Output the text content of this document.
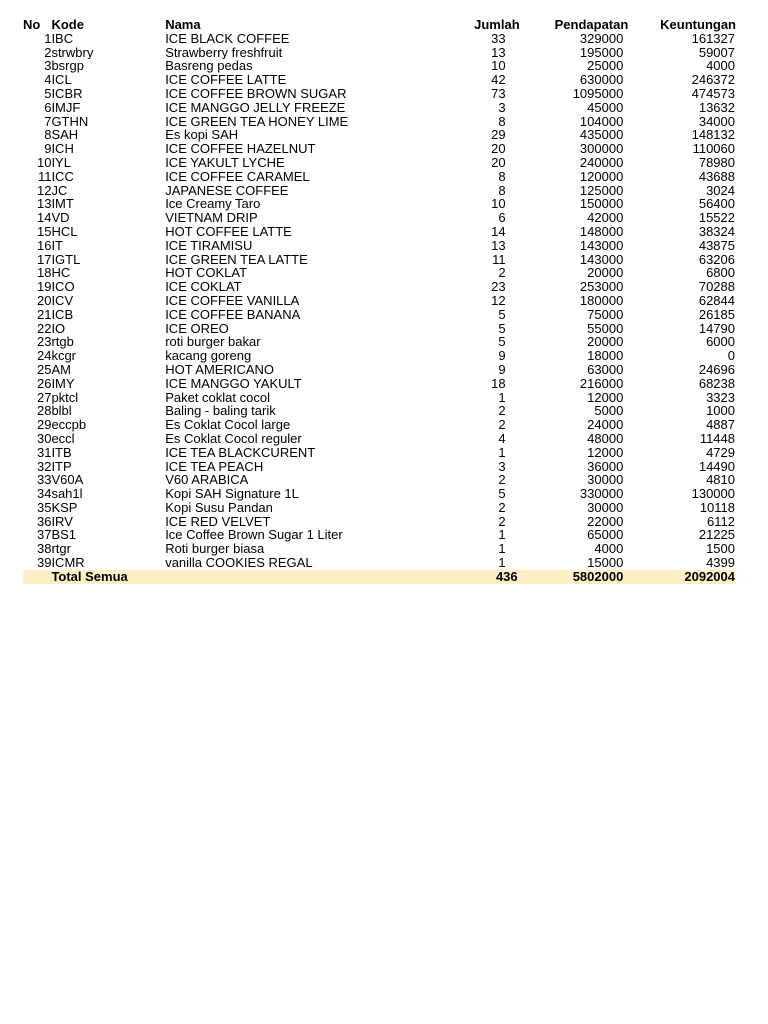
No	Kode	Nama	Jumlah	Pendapatan	Keuntungan
1	IBC	ICE BLACK COFFEE	33	329000	161327
2	strwbry	Strawberry freshfruit	13	195000	59007
3	bsrgp	Basreng pedas	10	25000	4000
4	ICL	ICE COFFEE LATTE	42	630000	246372
5	ICBR	ICE COFFEE BROWN SUGAR	73	1095000	474573
6	IMJF	ICE MANGGO JELLY FREEZE	3	45000	13632
7	GTHN	ICE GREEN TEA HONEY LIME	8	104000	34000
8	SAH	Es kopi SAH	29	435000	148132
9	ICH	ICE COFFEE HAZELNUT	20	300000	110060
10	IYL	ICE YAKULT LYCHE	20	240000	78980
11	ICC	ICE COFFEE CARAMEL	8	120000	43688
12	JC	JAPANESE COFFEE	8	125000	3024
13	IMT	Ice Creamy Taro	10	150000	56400
14	VD	VIETNAM DRIP	6	42000	15522
15	HCL	HOT COFFEE LATTE	14	148000	38324
16	IT	ICE TIRAMISU	13	143000	43875
17	IGTL	ICE GREEN TEA LATTE	11	143000	63206
18	HC	HOT COKLAT	2	20000	6800
19	ICO	ICE COKLAT	23	253000	70288
20	ICV	ICE COFFEE VANILLA	12	180000	62844
21	ICB	ICE COFFEE BANANA	5	75000	26185
22	IO	ICE OREO	5	55000	14790
23	rtgb	roti burger bakar	5	20000	6000
24	kcgr	kacang goreng	9	18000	0
25	AM	HOT AMERICANO	9	63000	24696
26	IMY	ICE MANGGO YAKULT	18	216000	68238
27	pktcl	Paket coklat cocol	1	12000	3323
28	blbl	Baling - baling tarik	2	5000	1000
29	eccpb	Es Coklat Cocol large	2	24000	4887
30	eccl	Es Coklat Cocol reguler	4	48000	11448
31	ITB	ICE TEA BLACKCURENT	1	12000	4729
32	ITP	ICE TEA PEACH	3	36000	14490
33	V60A	V60 ARABICA	2	30000	4810
34	sah1l	Kopi SAH Signature 1L	5	330000	130000
35	KSP	Kopi Susu Pandan	2	30000	10118
36	IRV	ICE RED VELVET	2	22000	6112
37	BS1	Ice Coffee Brown Sugar 1 Liter	1	65000	21225
38	rtgr	Roti burger biasa	1	4000	1500
39	ICMR	vanilla COOKIES REGAL	1	15000	4399
	Total Semua		436	5802000	2092004
